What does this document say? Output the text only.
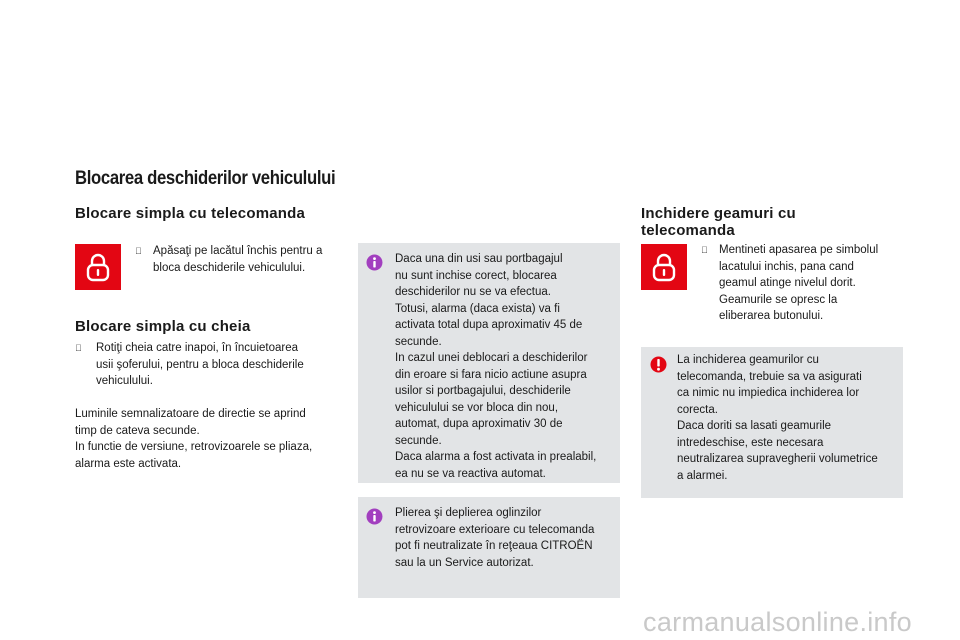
Blocarea deschiderilor vehiculului
Blocare simpla cu telecomanda
Apăsaţi pe lacătul închis pentru a
bloca deschiderile vehiculului.
Blocare simpla cu cheia
Rotiţi cheia catre inapoi, în încuietoarea
usii şoferului, pentru a bloca deschiderile
vehiculului.
Luminile semnalizatoare de directie se aprind
timp de cateva secunde.
In functie de versiune, retrovizoarele se pliaza,
alarma este activata.
Daca una din usi sau portbagajul
nu sunt inchise corect, blocarea
deschiderilor nu se va efectua.
Totusi, alarma (daca exista) va fi
activata total dupa aproximativ 45 de
secunde.
In cazul unei deblocari a deschiderilor
din eroare si fara nicio actiune asupra
usilor si portbagajului, deschiderile
vehiculului se vor bloca din nou,
automat, dupa aproximativ 30 de
secunde.
Daca alarma a fost activata in prealabil,
ea nu se va reactiva automat.
Plierea şi deplierea oglinzilor
retrovizoare exterioare cu telecomanda
pot fi neutralizate în reţeaua CITROËN
sau la un Service autorizat.
Inchidere geamuri cu
telecomanda
Mentineti apasarea pe simbolul
lacatului inchis, pana cand
geamul atinge nivelul dorit.
Geamurile se opresc la
eliberarea butonului.
La inchiderea geamurilor cu
telecomanda, trebuie sa va asigurati
ca nimic nu impiedica inchiderea lor
corecta.
Daca doriti sa lasati geamurile
intredeschise, este necesara
neutralizarea supravegherii volumetrice
a alarmei.
carmanualsonline.info
